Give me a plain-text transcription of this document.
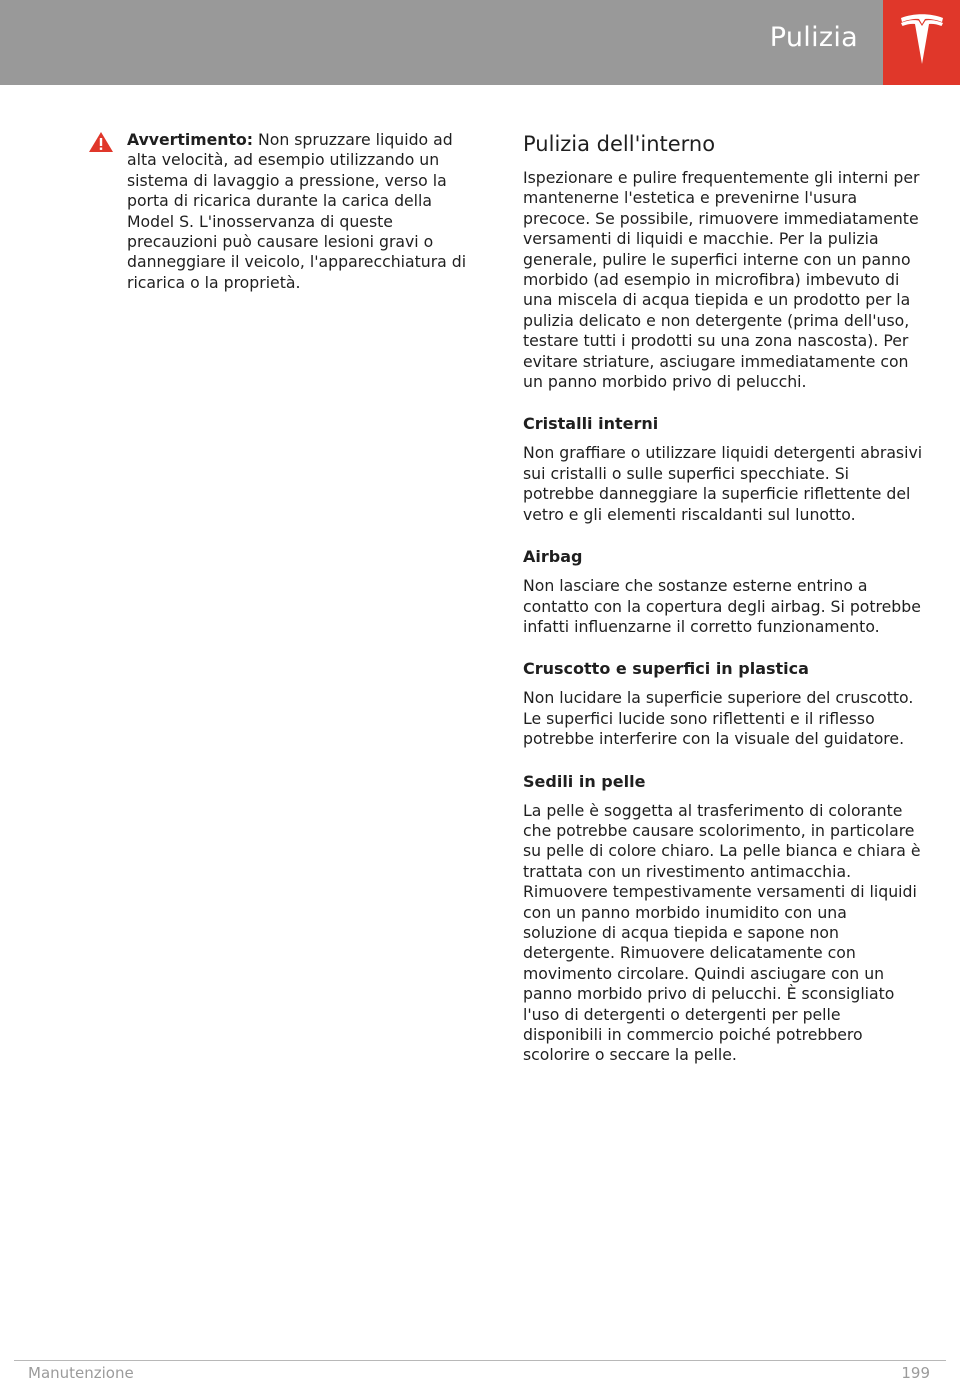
Pulizia
Avvertimento: Non spruzzare liquido ad alta velocità, ad esempio utilizzando un sistema di lavaggio a pressione, verso la porta di ricarica durante la carica della Model S. L'inosservanza di queste precauzioni può causare lesioni gravi o danneggiare il veicolo, l'apparecchiatura di ricarica o la proprietà.
Pulizia dell'interno

Ispezionare e pulire frequentemente gli interni per mantenerne l'estetica e prevenirne l'usura precoce. Se possibile, rimuovere immediatamente versamenti di liquidi e macchie. Per la pulizia generale, pulire le superfici interne con un panno morbido (ad esempio in microfibra) imbevuto di una miscela di acqua tiepida e un prodotto per la pulizia delicato e non detergente (prima dell'uso, testare tutti i prodotti su una zona nascosta). Per evitare striature, asciugare immediatamente con un panno morbido privo di pelucchi.

Cristalli interni

Non graffiare o utilizzare liquidi detergenti abrasivi sui cristalli o sulle superfici specchiate. Si potrebbe danneggiare la superficie riflettente del vetro e gli elementi riscaldanti sul lunotto.

Airbag

Non lasciare che sostanze esterne entrino a contatto con la copertura degli airbag. Si potrebbe infatti influenzarne il corretto funzionamento.

Cruscotto e superfici in plastica

Non lucidare la superficie superiore del cruscotto. Le superfici lucide sono riflettenti e il riflesso potrebbe interferire con la visuale del guidatore.

Sedili in pelle

La pelle è soggetta al trasferimento di colorante che potrebbe causare scolorimento, in particolare su pelle di colore chiaro. La pelle bianca e chiara è trattata con un rivestimento antimacchia. Rimuovere tempestivamente versamenti di liquidi con un panno morbido inumidito con una soluzione di acqua tiepida e sapone non detergente. Rimuovere delicatamente con movimento circolare. Quindi asciugare con un panno morbido privo di pelucchi. È sconsigliato l'uso di detergenti o detergenti per pelle disponibili in commercio poiché potrebbero scolorire o seccare la pelle.

Manutenzione	199
